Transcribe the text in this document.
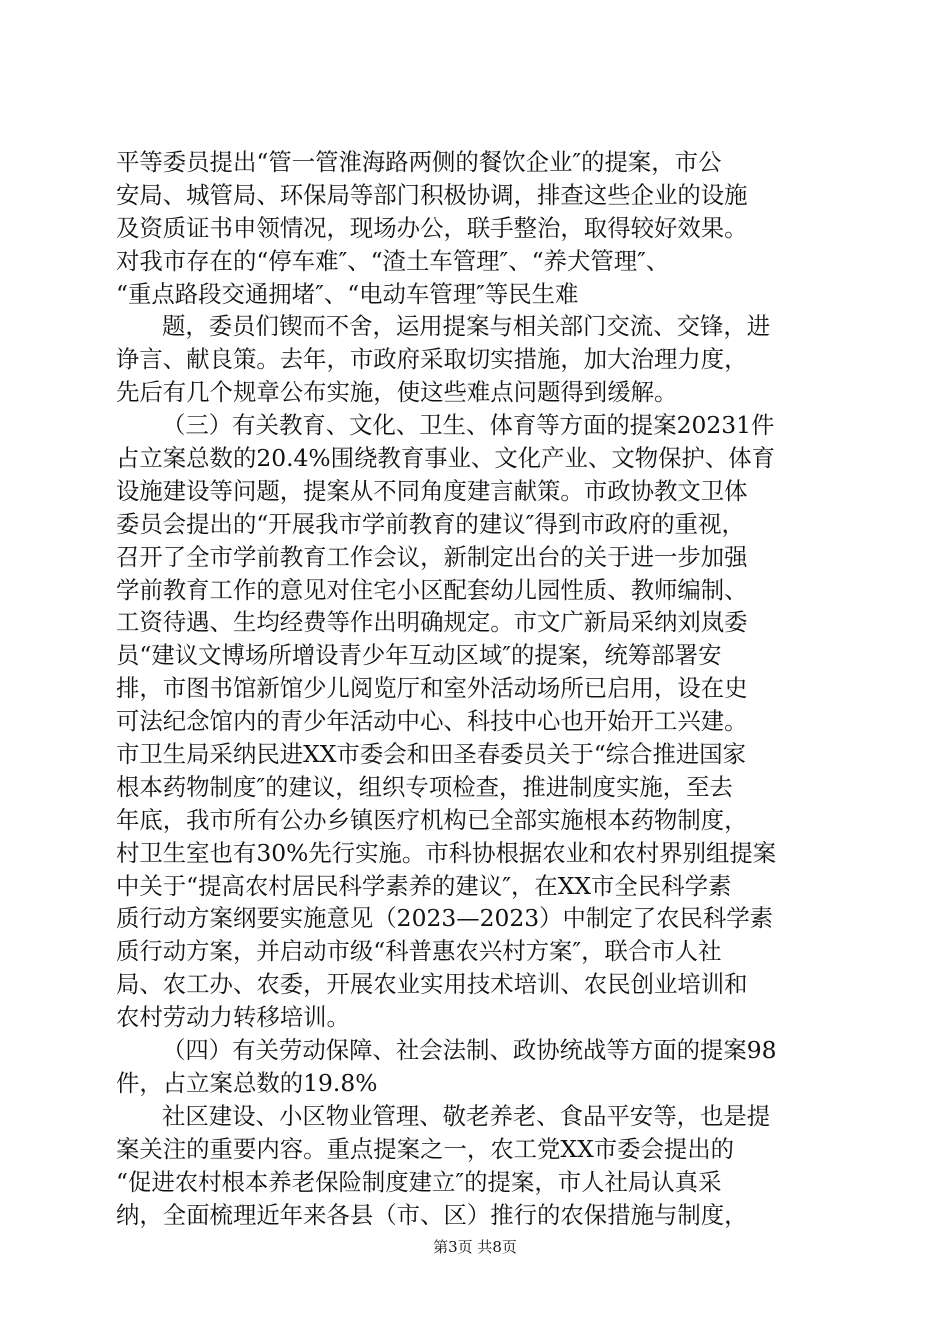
平等委员提出“管一管淮海路两侧的餐饮企业″的提案，市公
安局、城管局、环保局等部门积极协调，排查这些企业的设施
及资质证书申领情况，现场办公，联手整治，取得较好效果。
对我市存在的“停车难″、“渣土车管理″、“养犬管理″、
“重点路段交通拥堵″、“电动车管理″等民生难
题，委员们锲而不舍，运用提案与相关部门交流、交锋，进
诤言、献良策。去年，市政府采取切实措施，加大治理力度，
先后有几个规章公布实施，使这些难点问题得到缓解。
（三）有关教育、文化、卫生、体育等方面的提案20231件
占立案总数的20.4%围绕教育事业、文化产业、文物保护、体育
设施建设等问题，提案从不同角度建言献策。市政协教文卫体
委员会提出的“开展我市学前教育的建议″得到市政府的重视，
召开了全市学前教育工作会议，新制定出台的关于进一步加强
学前教育工作的意见对住宅小区配套幼儿园性质、教师编制、
工资待遇、生均经费等作出明确规定。市文广新局采纳刘岚委
员“建议文博场所增设青少年互动区域″的提案，统筹部署安
排，市图书馆新馆少儿阅览厅和室外活动场所已启用，设在史
可法纪念馆内的青少年活动中心、科技中心也开始开工兴建。
市卫生局采纳民进XX市委会和田圣春委员关于“综合推进国家
根本药物制度″的建议，组织专项检查，推进制度实施，至去
年底，我市所有公办乡镇医疗机构已全部实施根本药物制度，
村卫生室也有30%先行实施。市科协根据农业和农村界别组提案
中关于“提高农村居民科学素养的建议″，在XX市全民科学素
质行动方案纲要实施意见（2023—2023）中制定了农民科学素
质行动方案，并启动市级“科普惠农兴村方案″，联合市人社
局、农工办、农委，开展农业实用技术培训、农民创业培训和
农村劳动力转移培训。
（四）有关劳动保障、社会法制、政协统战等方面的提案98
件，占立案总数的19.8%
社区建设、小区物业管理、敬老养老、食品平安等，也是提
案关注的重要内容。重点提案之一，农工党XX市委会提出的
“促进农村根本养老保险制度建立″的提案，市人社局认真采
纳，全面梳理近年来各县（市、区）推行的农保措施与制度，
第3页 共8页
